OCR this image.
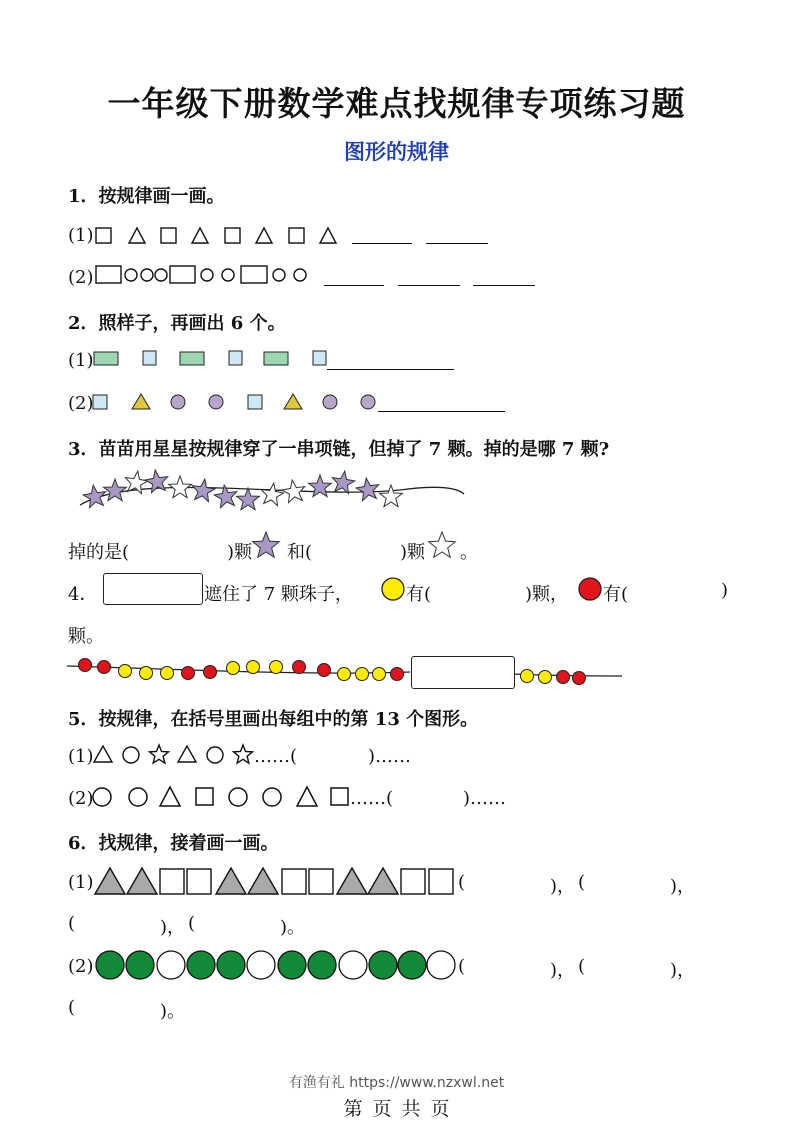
一年级下册数学难点找规律专项练习题
图形的规律
1．按规律画一画。
(1)
(2)
2．照样子，再画出 6 个。
(1)
(2)
3．苗苗用星星按规律穿了一串项链，但掉了 7 颗。掉的是哪 7 颗?
掉的是(	)颗 和(	)颗 。
4．	遮住了 7 颗珠子，	有(	)颗， 有(	)
颗。
5．按规律，在括号里画出每组中的第 13 个图形。
(1)	……(	)……
(2)	……(	)……
6．找规律，接着画一画。
(1)	(	)， (	)，
(	)， (	)。
(2)	(	)， (	)，
(	)。
有渔有礼 https://www.nzxwl.net
第 页 共 页
